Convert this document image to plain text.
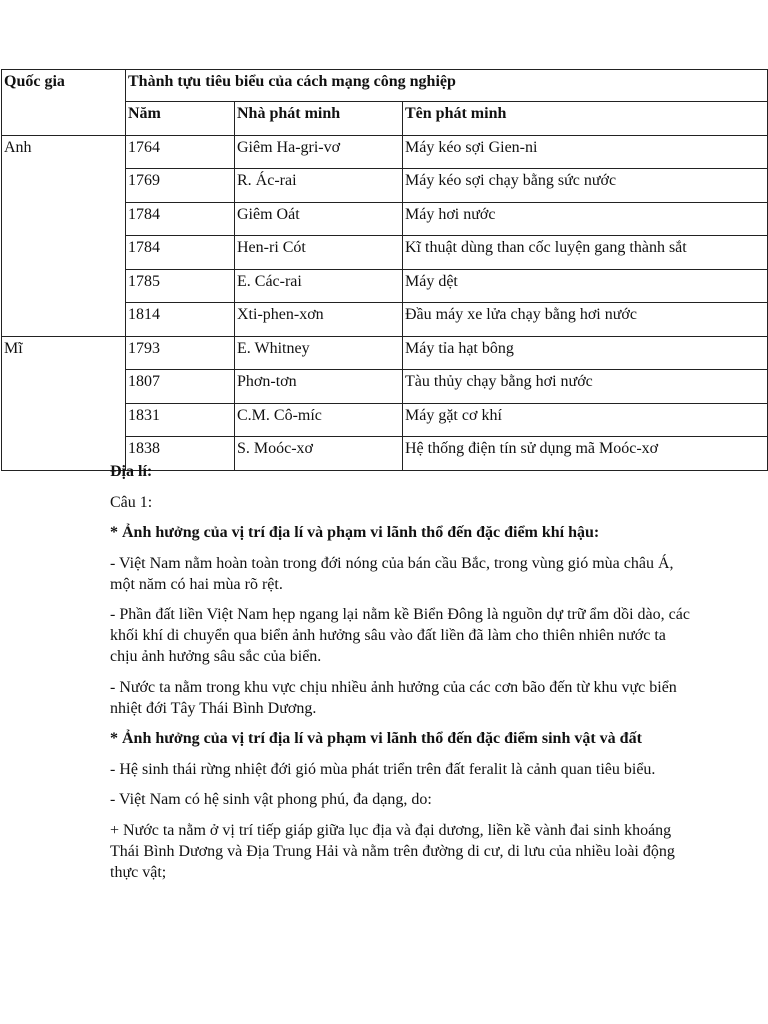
Quốc gia	Thành tựu tiêu biểu của cách mạng công nghiệp		
	Năm	Nhà phát minh	Tên phát minh
Anh	1764	Giêm Ha-gri-vơ	Máy kéo sợi Gien-ni
	1769	R. Ác-rai	Máy kéo sợi chạy bằng sức nước
	1784	Giêm Oát	Máy hơi nước
	1784	Hen-ri Cót	Kĩ thuật dùng than cốc luyện gang thành sắt
	1785	E. Các-rai	Máy dệt
	1814	Xti-phen-xơn	Đầu máy xe lửa chạy bằng hơi nước
Mĩ	1793	E. Whitney	Máy tỉa hạt bông
	1807	Phơn-tơn	Tàu thủy chạy bằng hơi nước
	1831	C.M. Cô-míc	Máy gặt cơ khí
	1838	S. Moóc-xơ	Hệ thống điện tín sử dụng mã Moóc-xơ

Địa lí:

Câu 1:

* Ảnh hưởng của vị trí địa lí và phạm vi lãnh thổ đến đặc điểm khí hậu:

- Việt Nam nằm hoàn toàn trong đới nóng của bán cầu Bắc, trong vùng gió mùa châu Á, một năm có hai mùa rõ rệt.

- Phần đất liền Việt Nam hẹp ngang lại nằm kề Biển Đông là nguồn dự trữ ẩm dồi dào, các khối khí di chuyển qua biển ảnh hưởng sâu vào đất liền đã làm cho thiên nhiên nước ta chịu ảnh hưởng sâu sắc của biển.

- Nước ta nằm trong khu vực chịu nhiều ảnh hưởng của các cơn bão đến từ khu vực biển nhiệt đới Tây Thái Bình Dương.

* Ảnh hưởng của vị trí địa lí và phạm vi lãnh thổ đến đặc điểm sinh vật và đất

- Hệ sinh thái rừng nhiệt đới gió mùa phát triển trên đất feralit là cảnh quan tiêu biểu.

- Việt Nam có hệ sinh vật phong phú, đa dạng, do:

+ Nước ta nằm ở vị trí tiếp giáp giữa lục địa và đại dương, liền kề vành đai sinh khoáng Thái Bình Dương và Địa Trung Hải và nằm trên đường di cư, di lưu của nhiều loài động thực vật;
